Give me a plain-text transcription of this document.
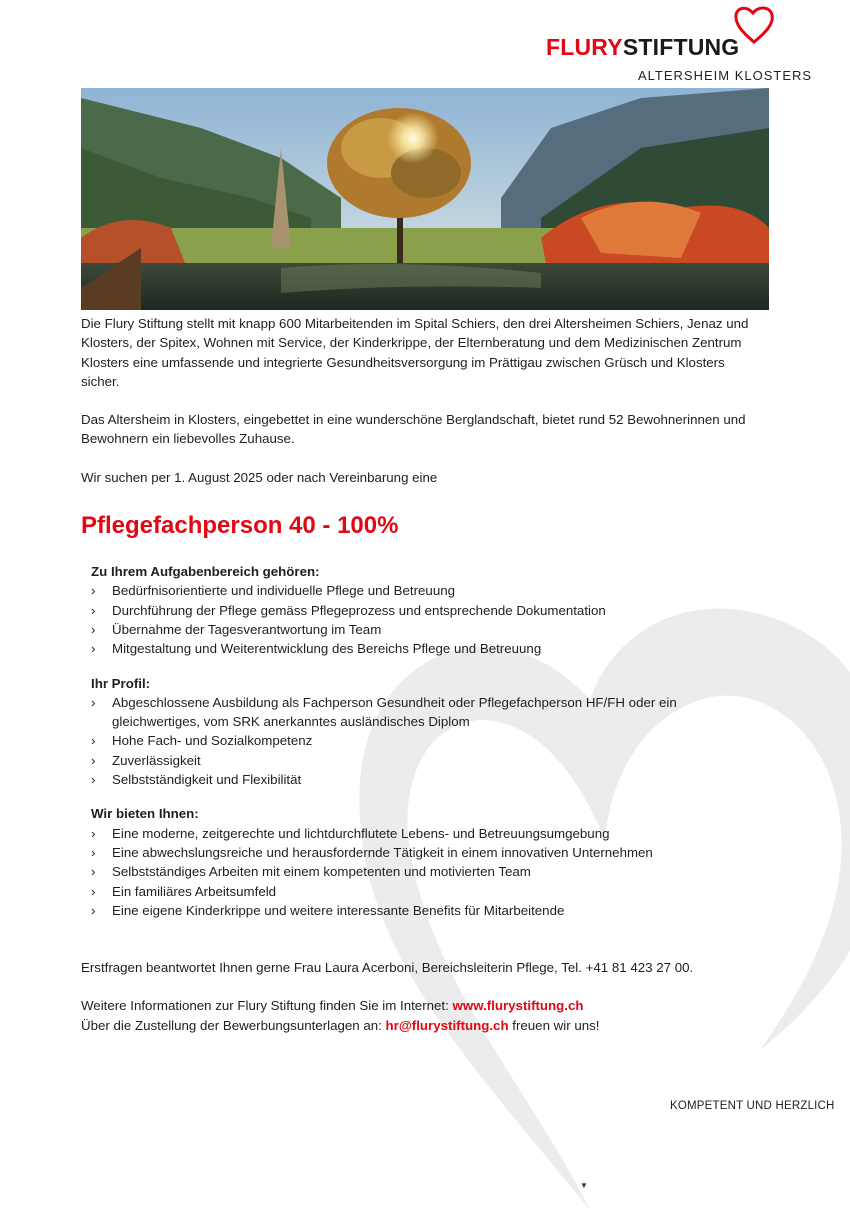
FLURYSTIFTUNG
ALTERSHEIM KLOSTERS

Die Flury Stiftung stellt mit knapp 600 Mitarbeitenden im Spital Schiers, den drei Altersheimen Schiers, Jenaz und Klosters, der Spitex, Wohnen mit Service, der Kinderkrippe, der Elternberatung und dem Medizinischen Zentrum Klosters eine umfassende und integrierte Gesundheitsversorgung im Prättigau zwischen Grüsch und Klosters sicher.

Das Altersheim in Klosters, eingebettet in eine wunderschöne Berglandschaft, bietet rund 52 Bewohnerinnen und Bewohnern ein liebevolles Zuhause.

Wir suchen per 1. August 2025 oder nach Vereinbarung eine

Pflegefachperson 40 - 100%

Zu Ihrem Aufgabenbereich gehören:
› Bedürfnisorientierte und individuelle Pflege und Betreuung
› Durchführung der Pflege gemäss Pflegeprozess und entsprechende Dokumentation
› Übernahme der Tagesverantwortung im Team
› Mitgestaltung und Weiterentwicklung des Bereichs Pflege und Betreuung
Ihr Profil:
› Abgeschlossene Ausbildung als Fachperson Gesundheit oder Pflegefachperson HF/FH oder ein gleichwertiges, vom SRK anerkanntes ausländisches Diplom
› Hohe Fach- und Sozialkompetenz
› Zuverlässigkeit
› Selbstständigkeit und Flexibilität
Wir bieten Ihnen:
› Eine moderne, zeitgerechte und lichtdurchflutete Lebens- und Betreuungsumgebung
› Eine abwechslungsreiche und herausfordernde Tätigkeit in einem innovativen Unternehmen
› Selbstständiges Arbeiten mit einem kompetenten und motivierten Team
› Ein familiäres Arbeitsumfeld
› Eine eigene Kinderkrippe und weitere interessante Benefits für Mitarbeitende

Erstfragen beantwortet Ihnen gerne Frau Laura Acerboni, Bereichsleiterin Pflege, Tel. +41 81 423 27 00.

Weitere Informationen zur Flury Stiftung finden Sie im Internet: www.flurystiftung.ch

Über die Zustellung der Bewerbungsunterlagen an: hr@flurystiftung.ch freuen wir uns!

KOMPETENT UND HERZLICH
▼
